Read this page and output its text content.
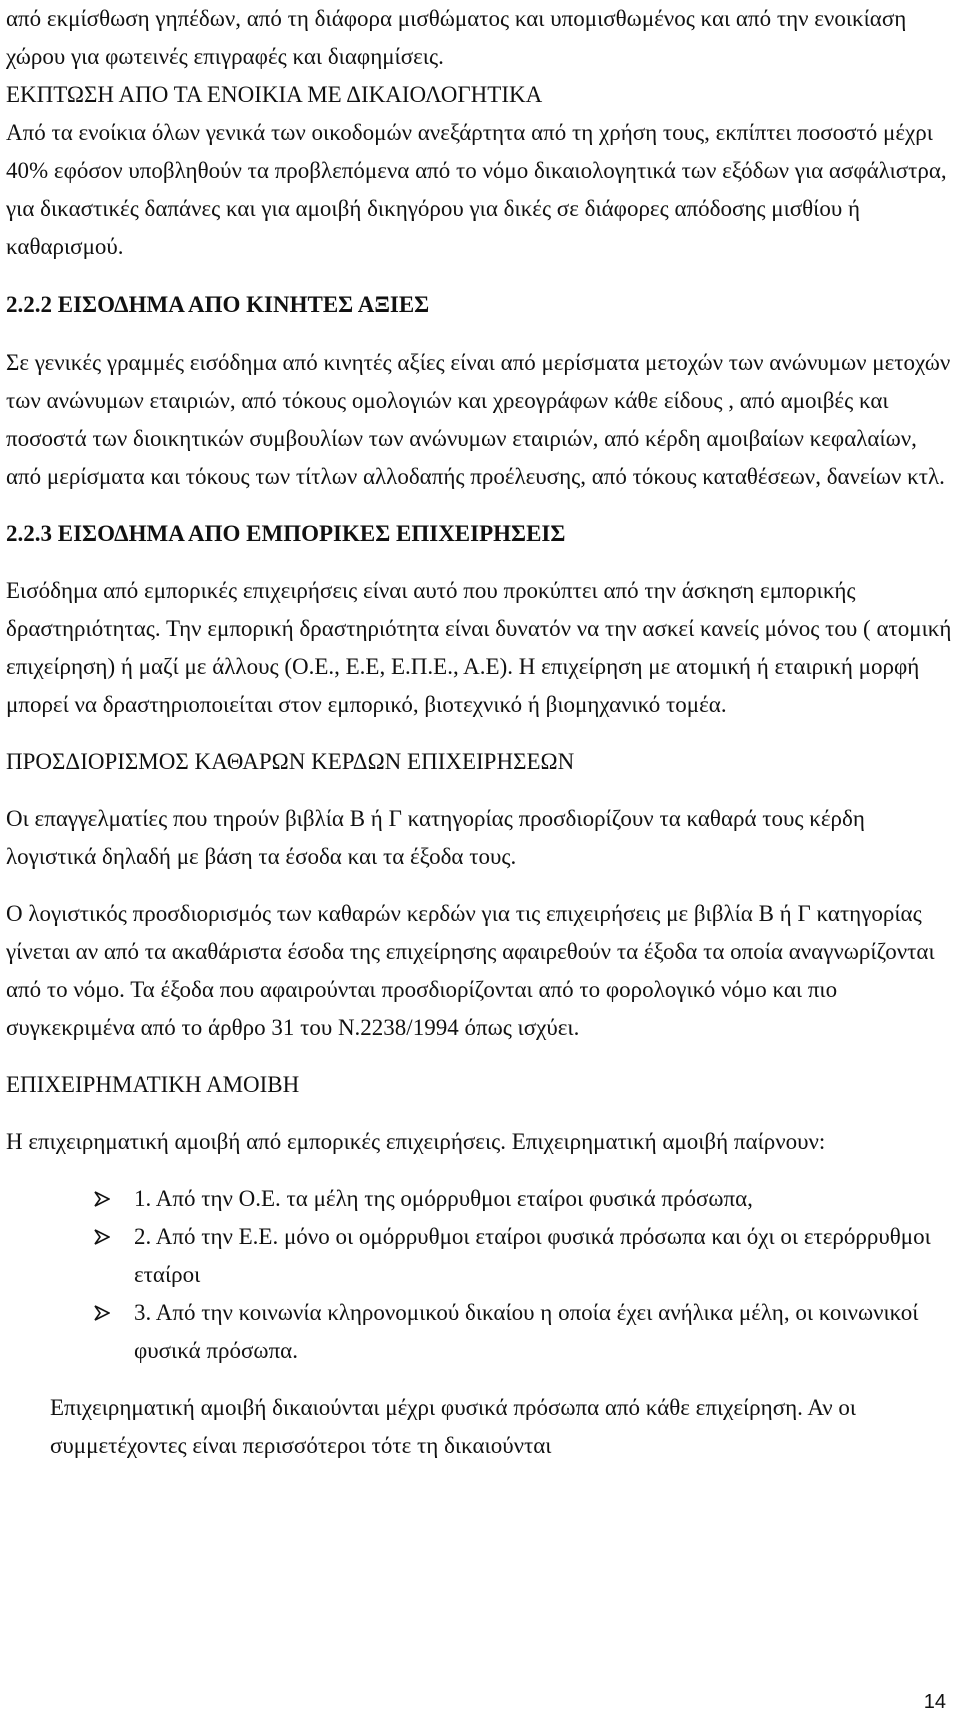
από εκμίσθωση γηπέδων, από τη διάφορα μισθώματος και υπομισθωμένος και από την ενοικίαση χώρου για φωτεινές επιγραφές και διαφημίσεις.

ΕΚΠΤΩΣΗ ΑΠΟ ΤΑ ΕΝΟΙΚΙΑ ΜΕ ΔΙΚΑΙΟΛΟΓΗΤΙΚΑ

Από τα ενοίκια όλων γενικά των οικοδομών ανεξάρτητα από τη χρήση τους, εκπίπτει ποσοστό μέχρι 40% εφόσον υποβληθούν τα προβλεπόμενα από το νόμο δικαιολογητικά των εξόδων για ασφάλιστρα, για δικαστικές δαπάνες και για αμοιβή δικηγόρου για δικές σε διάφορες απόδοσης μισθίου ή καθαρισμού.

2.2.2 ΕΙΣΟΔΗΜΑ ΑΠΟ ΚΙΝΗΤΕΣ ΑΞΙΕΣ

Σε γενικές γραμμές εισόδημα από κινητές αξίες είναι από μερίσματα μετοχών των ανώνυμων μετοχών των ανώνυμων εταιριών, από τόκους ομολογιών και χρεογράφων κάθε είδους , από αμοιβές και ποσοστά των διοικητικών συμβουλίων των ανώνυμων εταιριών, από κέρδη αμοιβαίων κεφαλαίων, από μερίσματα και τόκους των τίτλων αλλοδαπής προέλευσης, από τόκους καταθέσεων, δανείων κτλ.

2.2.3 ΕΙΣΟΔΗΜΑ ΑΠΟ ΕΜΠΟΡΙΚΕΣ ΕΠΙΧΕΙΡΗΣΕΙΣ

Εισόδημα από εμπορικές επιχειρήσεις είναι αυτό που προκύπτει από την άσκηση εμπορικής δραστηριότητας. Την εμπορική δραστηριότητα είναι δυνατόν να την ασκεί κανείς μόνος του ( ατομική επιχείρηση) ή μαζί με άλλους (Ο.Ε., Ε.Ε, Ε.Π.Ε., Α.Ε). Η επιχείρηση με ατομική ή εταιρική μορφή μπορεί να δραστηριοποιείται στον εμπορικό, βιοτεχνικό ή βιομηχανικό τομέα.

ΠΡΟΣΔΙΟΡΙΣΜΟΣ ΚΑΘΑΡΩΝ ΚΕΡΔΩΝ ΕΠΙΧΕΙΡΗΣΕΩΝ

Οι επαγγελματίες που τηρούν βιβλία Β ή Γ κατηγορίας προσδιορίζουν τα καθαρά τους κέρδη λογιστικά δηλαδή με βάση τα έσοδα και τα έξοδα τους.

Ο λογιστικός προσδιορισμός των καθαρών κερδών για τις επιχειρήσεις με βιβλία Β ή Γ κατηγορίας γίνεται αν από τα ακαθάριστα έσοδα της επιχείρησης αφαιρεθούν τα έξοδα τα οποία αναγνωρίζονται από το νόμο. Τα έξοδα που αφαιρούνται προσδιορίζονται από το φορολογικό νόμο και πιο συγκεκριμένα από το άρθρο 31 του Ν.2238/1994 όπως ισχύει.

ΕΠΙΧΕΙΡΗΜΑΤΙΚΗ ΑΜΟΙΒΗ

Η επιχειρηματική αμοιβή από εμπορικές επιχειρήσεις. Επιχειρηματική αμοιβή παίρνουν:

1. Από την Ο.Ε. τα μέλη της ομόρρυθμοι εταίροι φυσικά πρόσωπα,
2. Από την Ε.Ε. μόνο οι ομόρρυθμοι εταίροι φυσικά πρόσωπα και όχι οι ετερόρρυθμοι εταίροι
3. Από την κοινωνία κληρονομικού δικαίου η οποία έχει ανήλικα μέλη, οι κοινωνικοί φυσικά πρόσωπα.

Επιχειρηματική αμοιβή δικαιούνται μέχρι φυσικά πρόσωπα από κάθε επιχείρηση. Αν οι συμμετέχοντες είναι περισσότεροι τότε τη δικαιούνται

14
